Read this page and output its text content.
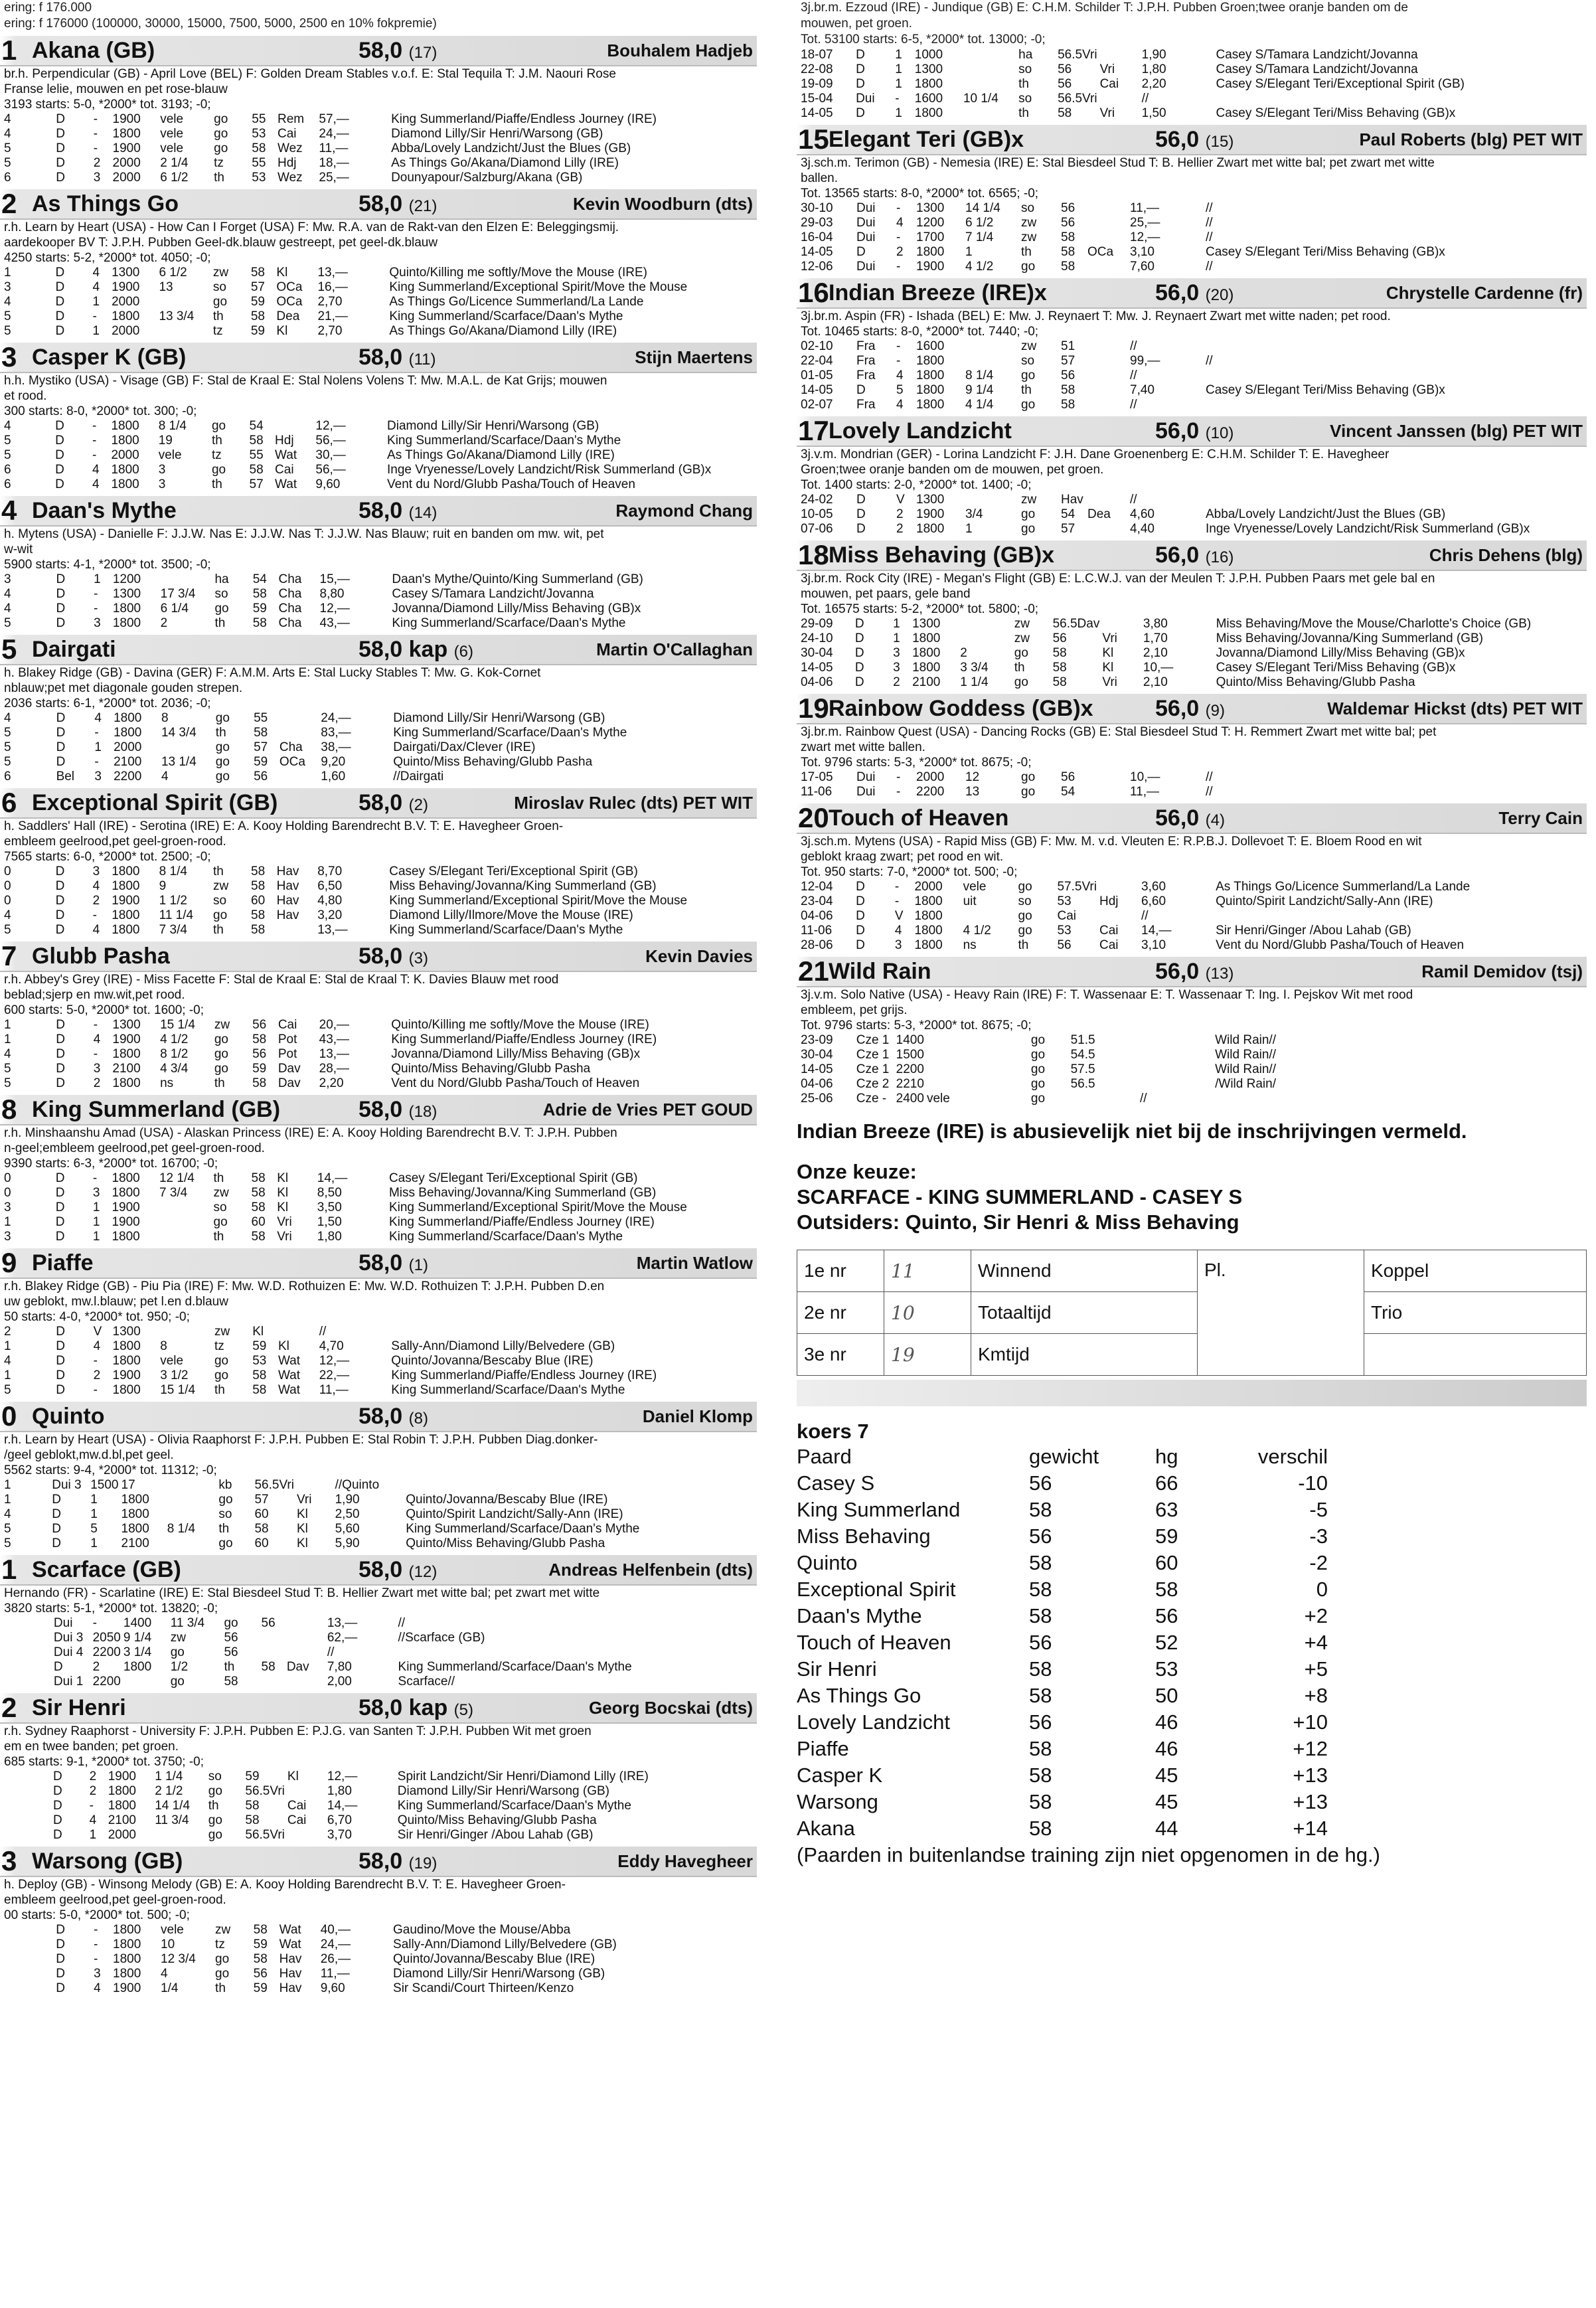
ering: f 176.000
ering: f 176000 (100000, 30000, 15000, 7500, 5000, 2500 en 10% fokpremie)
1 Akana (GB)	58,0 (17)	Bouhalem Hadjeb
br.h. Perpendicular (GB) - April Love (BEL) F: Golden Dream Stables v.o.f. E: Stal Tequila T: J.M. Naouri Rose
Franse lelie, mouwen en pet rose-blauw
3193 starts: 5-0, *2000* tot. 3193; -0;
4	D	-	1900	vele	go	55	Rem	57,—	King Summerland/Piaffe/Endless Journey (IRE)
4	D	-	1800	vele	go	53	Cai	24,—	Diamond Lilly/Sir Henri/Warsong (GB)
5	D	-	1900	vele	go	58	Wez	11,—	Abba/Lovely Landzicht/Just the Blues (GB)
5	D	2	2000	2 1/4	tz	55	Hdj	18,—	As Things Go/Akana/Diamond Lilly (IRE)
6	D	3	2000	6 1/2	th	53	Wez	25,—	Dounyapour/Salzburg/Akana (GB)
2 As Things Go	58,0 (21)	Kevin Woodburn (dts)
r.h. Learn by Heart (USA) - How Can I Forget (USA) F: Mw. R.A. van de Rakt-van den Elzen E: Beleggingsmij.
aardekooper BV T: J.P.H. Pubben Geel-dk.blauw gestreept, pet geel-dk.blauw
4250 starts: 5-2, *2000* tot. 4050; -0;
1	D	4	1300	6 1/2	zw	58	Kl	13,—	Quinto/Killing me softly/Move the Mouse (IRE)
3	D	4	1900	13	so	57	OCa	16,—	King Summerland/Exceptional Spirit/Move the Mouse
4	D	1	2000		go	59	OCa	2,70	As Things Go/Licence Summerland/La Lande
5	D	-	1800	13 3/4	th	58	Dea	21,—	King Summerland/Scarface/Daan's Mythe
5	D	1	2000		tz	59	Kl	2,70	As Things Go/Akana/Diamond Lilly (IRE)
3 Casper K (GB)	58,0 (11)	Stijn Maertens
h.h. Mystiko (USA) - Visage (GB) F: Stal de Kraal E: Stal Nolens Volens T: Mw. M.A.L. de Kat Grijs; mouwen
et rood.
300 starts: 8-0, *2000* tot. 300; -0;
4	D	-	1800	8 1/4	go	54		12,—	Diamond Lilly/Sir Henri/Warsong (GB)
5	D	-	1800	19	th	58	Hdj	56,—	King Summerland/Scarface/Daan's Mythe
5	D	-	2000	vele	tz	55	Wat	30,—	As Things Go/Akana/Diamond Lilly (IRE)
6	D	4	1800	3	go	58	Cai	56,—	Inge Vryenesse/Lovely Landzicht/Risk Summerland (GB)x
6	D	4	1800	3	th	57	Wat	9,60	Vent du Nord/Glubb Pasha/Touch of Heaven
4 Daan's Mythe	58,0 (14)	Raymond Chang
h. Mytens (USA) - Danielle F: J.J.W. Nas E: J.J.W. Nas T: J.J.W. Nas Blauw; ruit en banden om mw. wit, pet
w-wit
5900 starts: 4-1, *2000* tot. 3500; -0;
3	D	1	1200		ha	54	Cha	15,—	Daan's Mythe/Quinto/King Summerland (GB)
4	D	-	1300	17 3/4	so	58	Cha	8,80	Casey S/Tamara Landzicht/Jovanna
4	D	-	1800	6 1/4	go	59	Cha	12,—	Jovanna/Diamond Lilly/Miss Behaving (GB)x
5	D	3	1800	2	th	58	Cha	43,—	King Summerland/Scarface/Daan's Mythe
5 Dairgati	58,0 kap (6)	Martin O'Callaghan
h. Blakey Ridge (GB) - Davina (GER) F: A.M.M. Arts E: Stal Lucky Stables T: Mw. G. Kok-Cornet
nblauw;pet met diagonale gouden strepen.
2036 starts: 6-1, *2000* tot. 2036; -0;
4	D	4	1800	8	go	55		24,—	Diamond Lilly/Sir Henri/Warsong (GB)
5	D	-	1800	14 3/4	th	58		83,—	King Summerland/Scarface/Daan's Mythe
5	D	1	2000		go	57	Cha	38,—	Dairgati/Dax/Clever (IRE)
5	D	-	2100	13 1/4	go	59	OCa	9,20	Quinto/Miss Behaving/Glubb Pasha
6	Bel	3	2200	4	go	56		1,60	//Dairgati
6 Exceptional Spirit (GB)	58,0 (2)	Miroslav Rulec (dts) PET WIT
h. Saddlers' Hall (IRE) - Serotina (IRE) E: A. Kooy Holding Barendrecht B.V. T: E. Havegheer Groen-
embleem geelrood,pet geel-groen-rood.
7565 starts: 6-0, *2000* tot. 2500; -0;
0	D	3	1800	8 1/4	th	58	Hav	8,70	Casey S/Elegant Teri/Exceptional Spirit (GB)
0	D	4	1800	9	zw	58	Hav	6,50	Miss Behaving/Jovanna/King Summerland (GB)
0	D	2	1900	1 1/2	so	60	Hav	4,80	King Summerland/Exceptional Spirit/Move the Mouse
4	D	-	1800	11 1/4	go	58	Hav	3,20	Diamond Lilly/Ilmore/Move the Mouse (IRE)
5	D	4	1800	7 3/4	th	58		13,—	King Summerland/Scarface/Daan's Mythe
7 Glubb Pasha	58,0 (3)	Kevin Davies
r.h. Abbey's Grey (IRE) - Miss Facette F: Stal de Kraal E: Stal de Kraal T: K. Davies Blauw met rood
beblad;sjerp en mw.wit,pet rood.
600 starts: 5-0, *2000* tot. 1600; -0;
1	D	-	1300	15 1/4	zw	56	Cai	20,—	Quinto/Killing me softly/Move the Mouse (IRE)
1	D	4	1900	4 1/2	go	58	Pot	43,—	King Summerland/Piaffe/Endless Journey (IRE)
4	D	-	1800	8 1/2	go	56	Pot	13,—	Jovanna/Diamond Lilly/Miss Behaving (GB)x
5	D	3	2100	4 3/4	go	59	Dav	28,—	Quinto/Miss Behaving/Glubb Pasha
5	D	2	1800	ns	th	58	Dav	2,20	Vent du Nord/Glubb Pasha/Touch of Heaven
8 King Summerland (GB)	58,0 (18)	Adrie de Vries PET GOUD
r.h. Minshaanshu Amad (USA) - Alaskan Princess (IRE) E: A. Kooy Holding Barendrecht B.V. T: J.P.H. Pubben
n-geel;embleem geelrood,pet geel-groen-rood.
9390 starts: 6-3, *2000* tot. 16700; -0;
0	D	-	1800	12 1/4	th	58	Kl	14,—	Casey S/Elegant Teri/Exceptional Spirit (GB)
0	D	3	1800	7 3/4	zw	58	Kl	8,50	Miss Behaving/Jovanna/King Summerland (GB)
3	D	1	1900		so	58	Kl	3,50	King Summerland/Exceptional Spirit/Move the Mouse

1	D	1	1900		go	60	Vri	1,50	King Summerland/Piaffe/Endless Journey (IRE)
3	D	1	1800		th	58	Vri	1,80	King Summerland/Scarface/Daan's Mythe
9 Piaffe	58,0 (1)	Martin Watlow
r.h. Blakey Ridge (GB) - Piu Pia (IRE) F: Mw. W.D. Rothuizen E: Mw. W.D. Rothuizen T: J.P.H. Pubben D.en
uw geblokt, mw.l.blauw; pet l.en d.blauw
50 starts: 4-0, *2000* tot. 950; -0;
2	D	V	1300		zw	Kl		//	
1	D	4	1800	8	tz	59	Kl	4,70	Sally-Ann/Diamond Lilly/Belvedere (GB)
4	D	-	1800	vele	go	53	Wat	12,—	Quinto/Jovanna/Bescaby Blue (IRE)
1	D	2	1900	3 1/2	go	58	Wat	22,—	King Summerland/Piaffe/Endless Journey (IRE)
5	D	-	1800	15 1/4	th	58	Wat	11,—	King Summerland/Scarface/Daan's Mythe
0 Quinto	58,0 (8)	Daniel Klomp
r.h. Learn by Heart (USA) - Olivia Raaphorst F: J.P.H. Pubben E: Stal Robin T: J.P.H. Pubben Diag.donker-
/geel geblokt,mw.d.bl,pet geel.
5562 starts: 9-4, *2000* tot. 11312; -0;
1	Dui 3	1500	17		kb	56.5Vri		//Quinto	
1	D	1	1800		go	57	Vri	1,90	Quinto/Jovanna/Bescaby Blue (IRE)
4	D	1	1800		so	60	Kl	2,50	Quinto/Spirit Landzicht/Sally-Ann (IRE)
5	D	5	1800	8 1/4	th	58	Kl	5,60	King Summerland/Scarface/Daan's Mythe
5	D	1	2100		go	60	Kl	5,90	Quinto/Miss Behaving/Glubb Pasha
1 Scarface (GB)	58,0 (12)	Andreas Helfenbein (dts)
Hernando (FR) - Scarlatine (IRE) E: Stal Biesdeel Stud T: B. Hellier Zwart met witte bal; pet zwart met witte
3820 starts: 5-1, *2000* tot. 13820; -0;
	Dui	-	1400	11 3/4	go	56		13,—	//
	Dui 3	2050	9 1/4	zw	56			62,—	//Scarface (GB)
	Dui 4	2200	3 1/4	go	56			//	
	D	2	1800	1/2	th	58	Dav	7,80	King Summerland/Scarface/Daan's Mythe
	Dui 1	2200		go	58			2,00	Scarface//
2 Sir Henri	58,0 kap (5)	Georg Bocskai (dts)
r.h. Sydney Raaphorst - University F: J.P.H. Pubben E: P.J.G. van Santen T: J.P.H. Pubben Wit met groen
em en twee banden; pet groen.
685 starts: 9-1, *2000* tot. 3750; -0;
	D	2	1900	1 1/4	so	59	Kl	12,—	Spirit Landzicht/Sir Henri/Diamond Lilly (IRE)
	D	2	1800	2 1/2	go	56.5Vri		1,80	Diamond Lilly/Sir Henri/Warsong (GB)
	D	-	1800	14 1/4	th	58	Cai	14,—	King Summerland/Scarface/Daan's Mythe
	D	4	2100	11 3/4	go	58	Cai	6,70	Quinto/Miss Behaving/Glubb Pasha
	D	1	2000		go	56.5Vri		3,70	Sir Henri/Ginger /Abou Lahab (GB)
3 Warsong (GB)	58,0 (19)	Eddy Havegheer
h. Deploy (GB) - Winsong Melody (GB) E: A. Kooy Holding Barendrecht B.V. T: E. Havegheer Groen-
embleem geelrood,pet geel-groen-rood.
00 starts: 5-0, *2000* tot. 500; -0;
	D	-	1800	vele	zw	58	Wat	40,—	Gaudino/Move the Mouse/Abba
	D	-	1800	10	tz	59	Wat	24,—	Sally-Ann/Diamond Lilly/Belvedere (GB)
	D	-	1800	12 3/4	go	58	Hav	26,—	Quinto/Jovanna/Bescaby Blue (IRE)
	D	3	1800	4	go	56	Hav	11,—	Diamond Lilly/Sir Henri/Warsong (GB)
	D	4	1900	1/4	th	59	Hav	9,60	Sir Scandi/Court Thirteen/Kenzo
3j.br.m. Ezzoud (IRE) - Jundique (GB) E: C.H.M. Schilder T: J.P.H. Pubben Groen;twee oranje banden om de
mouwen, pet groen.
Tot. 53100 starts: 6-5, *2000* tot. 13000; -0;
18-07	D	1	1000		ha	56.5Vri		1,90	Casey S/Tamara Landzicht/Jovanna
22-08	D	1	1300		so	56	Vri	1,80	Casey S/Tamara Landzicht/Jovanna
19-09	D	1	1800		th	56	Cai	2,20	Casey S/Elegant Teri/Exceptional Spirit (GB)
15-04	Dui	-	1600	10 1/4	so	56.5Vri		//	
14-05	D	1	1800		th	58	Vri	1,50	Casey S/Elegant Teri/Miss Behaving (GB)x
15 Elegant Teri (GB)x	56,0 (15)	Paul Roberts (blg) PET WIT
3j.sch.m. Terimon (GB) - Nemesia (IRE) E: Stal Biesdeel Stud T: B. Hellier Zwart met witte bal; pet zwart met witte
ballen.
Tot. 13565 starts: 8-0, *2000* tot. 6565; -0;
30-10	Dui	-	1300	14 1/4	so	56		11,—	//
29-03	Dui	4	1200	6 1/2	zw	56		25,—	//
16-04	Dui	-	1700	7 1/4	zw	58		12,—	//
14-05	D	2	1800	1	th	58	OCa	3,10	Casey S/Elegant Teri/Miss Behaving (GB)x
12-06	Dui	-	1900	4 1/2	go	58		7,60	//
16 Indian Breeze (IRE)x	56,0 (20)	Chrystelle Cardenne (fr)
3j.br.m. Aspin (FR) - Ishada (BEL) E: Mw. J. Reynaert T: Mw. J. Reynaert Zwart met witte naden; pet rood.
Tot. 10465 starts: 8-0, *2000* tot. 7440; -0;
02-10	Fra	-	1600		zw	51		//	
22-04	Fra	-	1800		so	57		99,—	//
01-05	Fra	4	1800	8 1/4	go	56		//	
14-05	D	5	1800	9 1/4	th	58		7,40	Casey S/Elegant Teri/Miss Behaving (GB)x
02-07	Fra	4	1800	4 1/4	go	58		//	
17 Lovely Landzicht	56,0 (10)	Vincent Janssen (blg) PET WIT
3j.v.m. Mondrian (GER) - Lorina Landzicht F: J.H. Dane Groenenberg E: C.H.M. Schilder T: E. Havegheer
Groen;twee oranje banden om de mouwen, pet groen.
Tot. 1400 starts: 2-0, *2000* tot. 1400; -0;
24-02	D	V	1300		zw	Hav		//	
10-05	D	2	1900	3/4	go	54	Dea	4,60	Abba/Lovely Landzicht/Just the Blues (GB)
07-06	D	2	1800	1	go	57		4,40	Inge Vryenesse/Lovely Landzicht/Risk Summerland (GB)x
18 Miss Behaving (GB)x	56,0 (16)	Chris Dehens (blg)
3j.br.m. Rock City (IRE) - Megan's Flight (GB) E: L.C.W.J. van der Meulen T: J.P.H. Pubben Paars met gele bal en
mouwen, pet paars, gele band
Tot. 16575 starts: 5-2, *2000* tot. 5800; -0;
29-09	D	1	1300		zw	56.5Dav		3,80	Miss Behaving/Move the Mouse/Charlotte's Choice (GB)
24-10	D	1	1800		zw	56	Vri	1,70	Miss Behaving/Jovanna/King Summerland (GB)
30-04	D	3	1800	2	go	58	Kl	2,10	Jovanna/Diamond Lilly/Miss Behaving (GB)x
14-05	D	3	1800	3 3/4	th	58	Kl	10,—	Casey S/Elegant Teri/Miss Behaving (GB)x
04-06	D	2	2100	1 1/4	go	58	Vri	2,10	Quinto/Miss Behaving/Glubb Pasha
19 Rainbow Goddess (GB)x	56,0 (9)	Waldemar Hickst (dts) PET WIT
3j.br.m. Rainbow Quest (USA) - Dancing Rocks (GB) E: Stal Biesdeel Stud T: H. Remmert Zwart met witte bal; pet
zwart met witte ballen.
Tot. 9796 starts: 5-3, *2000* tot. 8675; -0;
17-05	Dui	-	2000	12	go	56		10,—	//
11-06	Dui	-	2200	13	go	54		11,—	//
20 Touch of Heaven	56,0 (4)	Terry Cain
3j.sch.m. Mytens (USA) - Rapid Miss (GB) F: Mw. M. v.d. Vleuten E: R.P.B.J. Dollevoet T: E. Bloem Rood en wit
geblokt kraag zwart; pet rood en wit.
Tot. 950 starts: 7-0, *2000* tot. 500; -0;
12-04	D	-	2000	vele	go	57.5Vri		3,60	As Things Go/Licence Summerland/La Lande
23-04	D	-	1800	uit	so	53	Hdj	6,60	Quinto/Spirit Landzicht/Sally-Ann (IRE)
04-06	D	V	1800		go	Cai		//	
11-06	D	4	1800	4 1/2	go	53	Cai	14,—	Sir Henri/Ginger /Abou Lahab (GB)
28-06	D	3	1800	ns	th	56	Cai	3,10	Vent du Nord/Glubb Pasha/Touch of Heaven
21 Wild Rain	56,0 (13)	Ramil Demidov (tsj)
3j.v.m. Solo Native (USA) - Heavy Rain (IRE) F: T. Wassenaar E: T. Wassenaar T: Ing. I. Pejskov Wit met rood
embleem, pet grijs.
Tot. 9796 starts: 5-3, *2000* tot. 8675; -0;
23-09	Cze 1	1400			go	51.5			Wild Rain//
30-04	Cze 1	1500			go	54.5			Wild Rain//
14-05	Cze 1	2200			go	57.5			Wild Rain//
04-06	Cze 2	2210			go	56.5			/Wild Rain/
25-06	Cze -	2400	vele		go			//	
Indian Breeze (IRE) is abusievelijk niet bij de inschrijvingen vermeld.
Onze keuze:
SCARFACE - KING SUMMERLAND - CASEY S
Outsiders: Quinto, Sir Henri & Miss Behaving
1e nr	11	Winnend	Pl.	Koppel
2e nr	10	Totaaltijd		Trio
3e nr	19	Kmtijd		
koers 7
Paard	gewicht	hg	verschil
Casey S	56	66	-10
King Summerland	58	63	-5
Miss Behaving	56	59	-3
Quinto	58	60	-2
Exceptional Spirit	58	58	0
Daan's Mythe	58	56	+2
Touch of Heaven	56	52	+4
Sir Henri	58	53	+5
As Things Go	58	50	+8
Lovely Landzicht	56	46	+10
Piaffe	58	46	+12
Casper K	58	45	+13
Warsong	58	45	+13
Akana	58	44	+14
(Paarden in buitenlandse training zijn niet opgenomen in de hg.)
